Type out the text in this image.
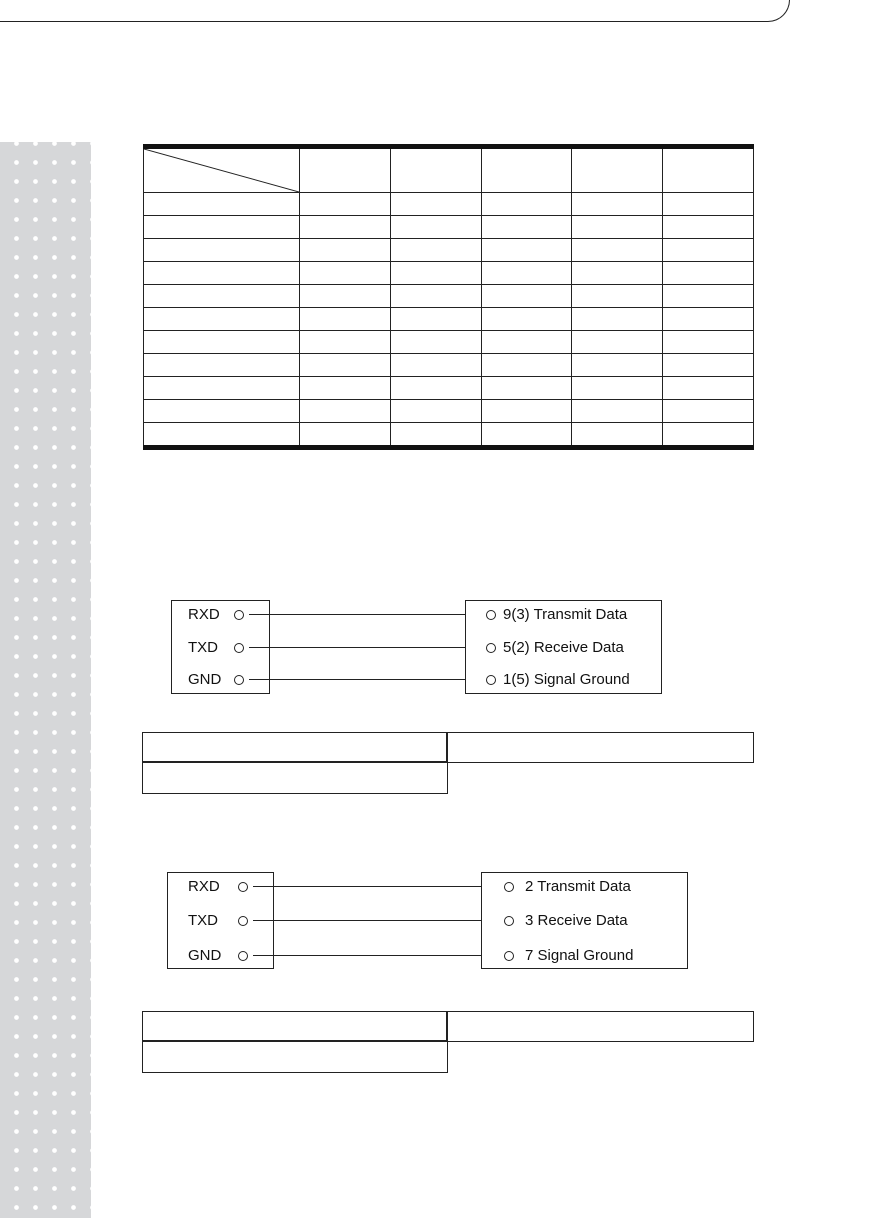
RXD
TXD
GND
9(3) Transmit Data
5(2) Receive Data
1(5) Signal Ground
RXD
TXD
GND
2 Transmit Data
3 Receive Data
7 Signal Ground
